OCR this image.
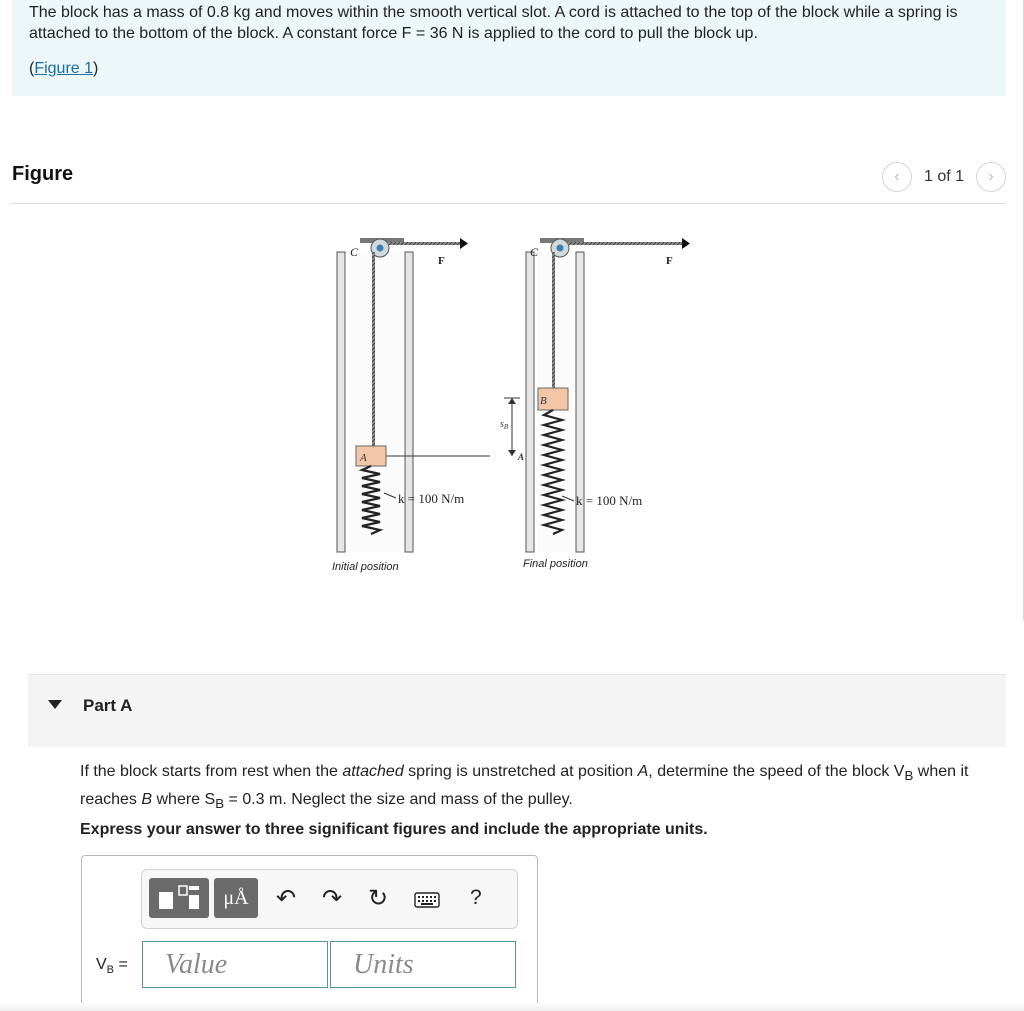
The block has a mass of 0.8 kg and moves within the smooth vertical slot. A cord is attached to the top of the block while a spring is attached to the bottom of the block. A constant force F = 36 N is applied to the cord to pull the block up.
(Figure 1)
Figure	‹ 1 of 1 ›
C
F
C
F
A
B
A
$s_B$
k = 100 N/m	k = 100 N/m
Initial position	Final position
Part A
If the block starts from rest when the attached spring is unstretched at position A, determine the speed of the block $V_B$ when it reaches B where $S_B = 0.3$ m. Neglect the size and mass of the pulley.
Express your answer to three significant figures and include the appropriate units.
μÅ	↶ ↷ ↻	?
$V_B$ =
Value
Units
